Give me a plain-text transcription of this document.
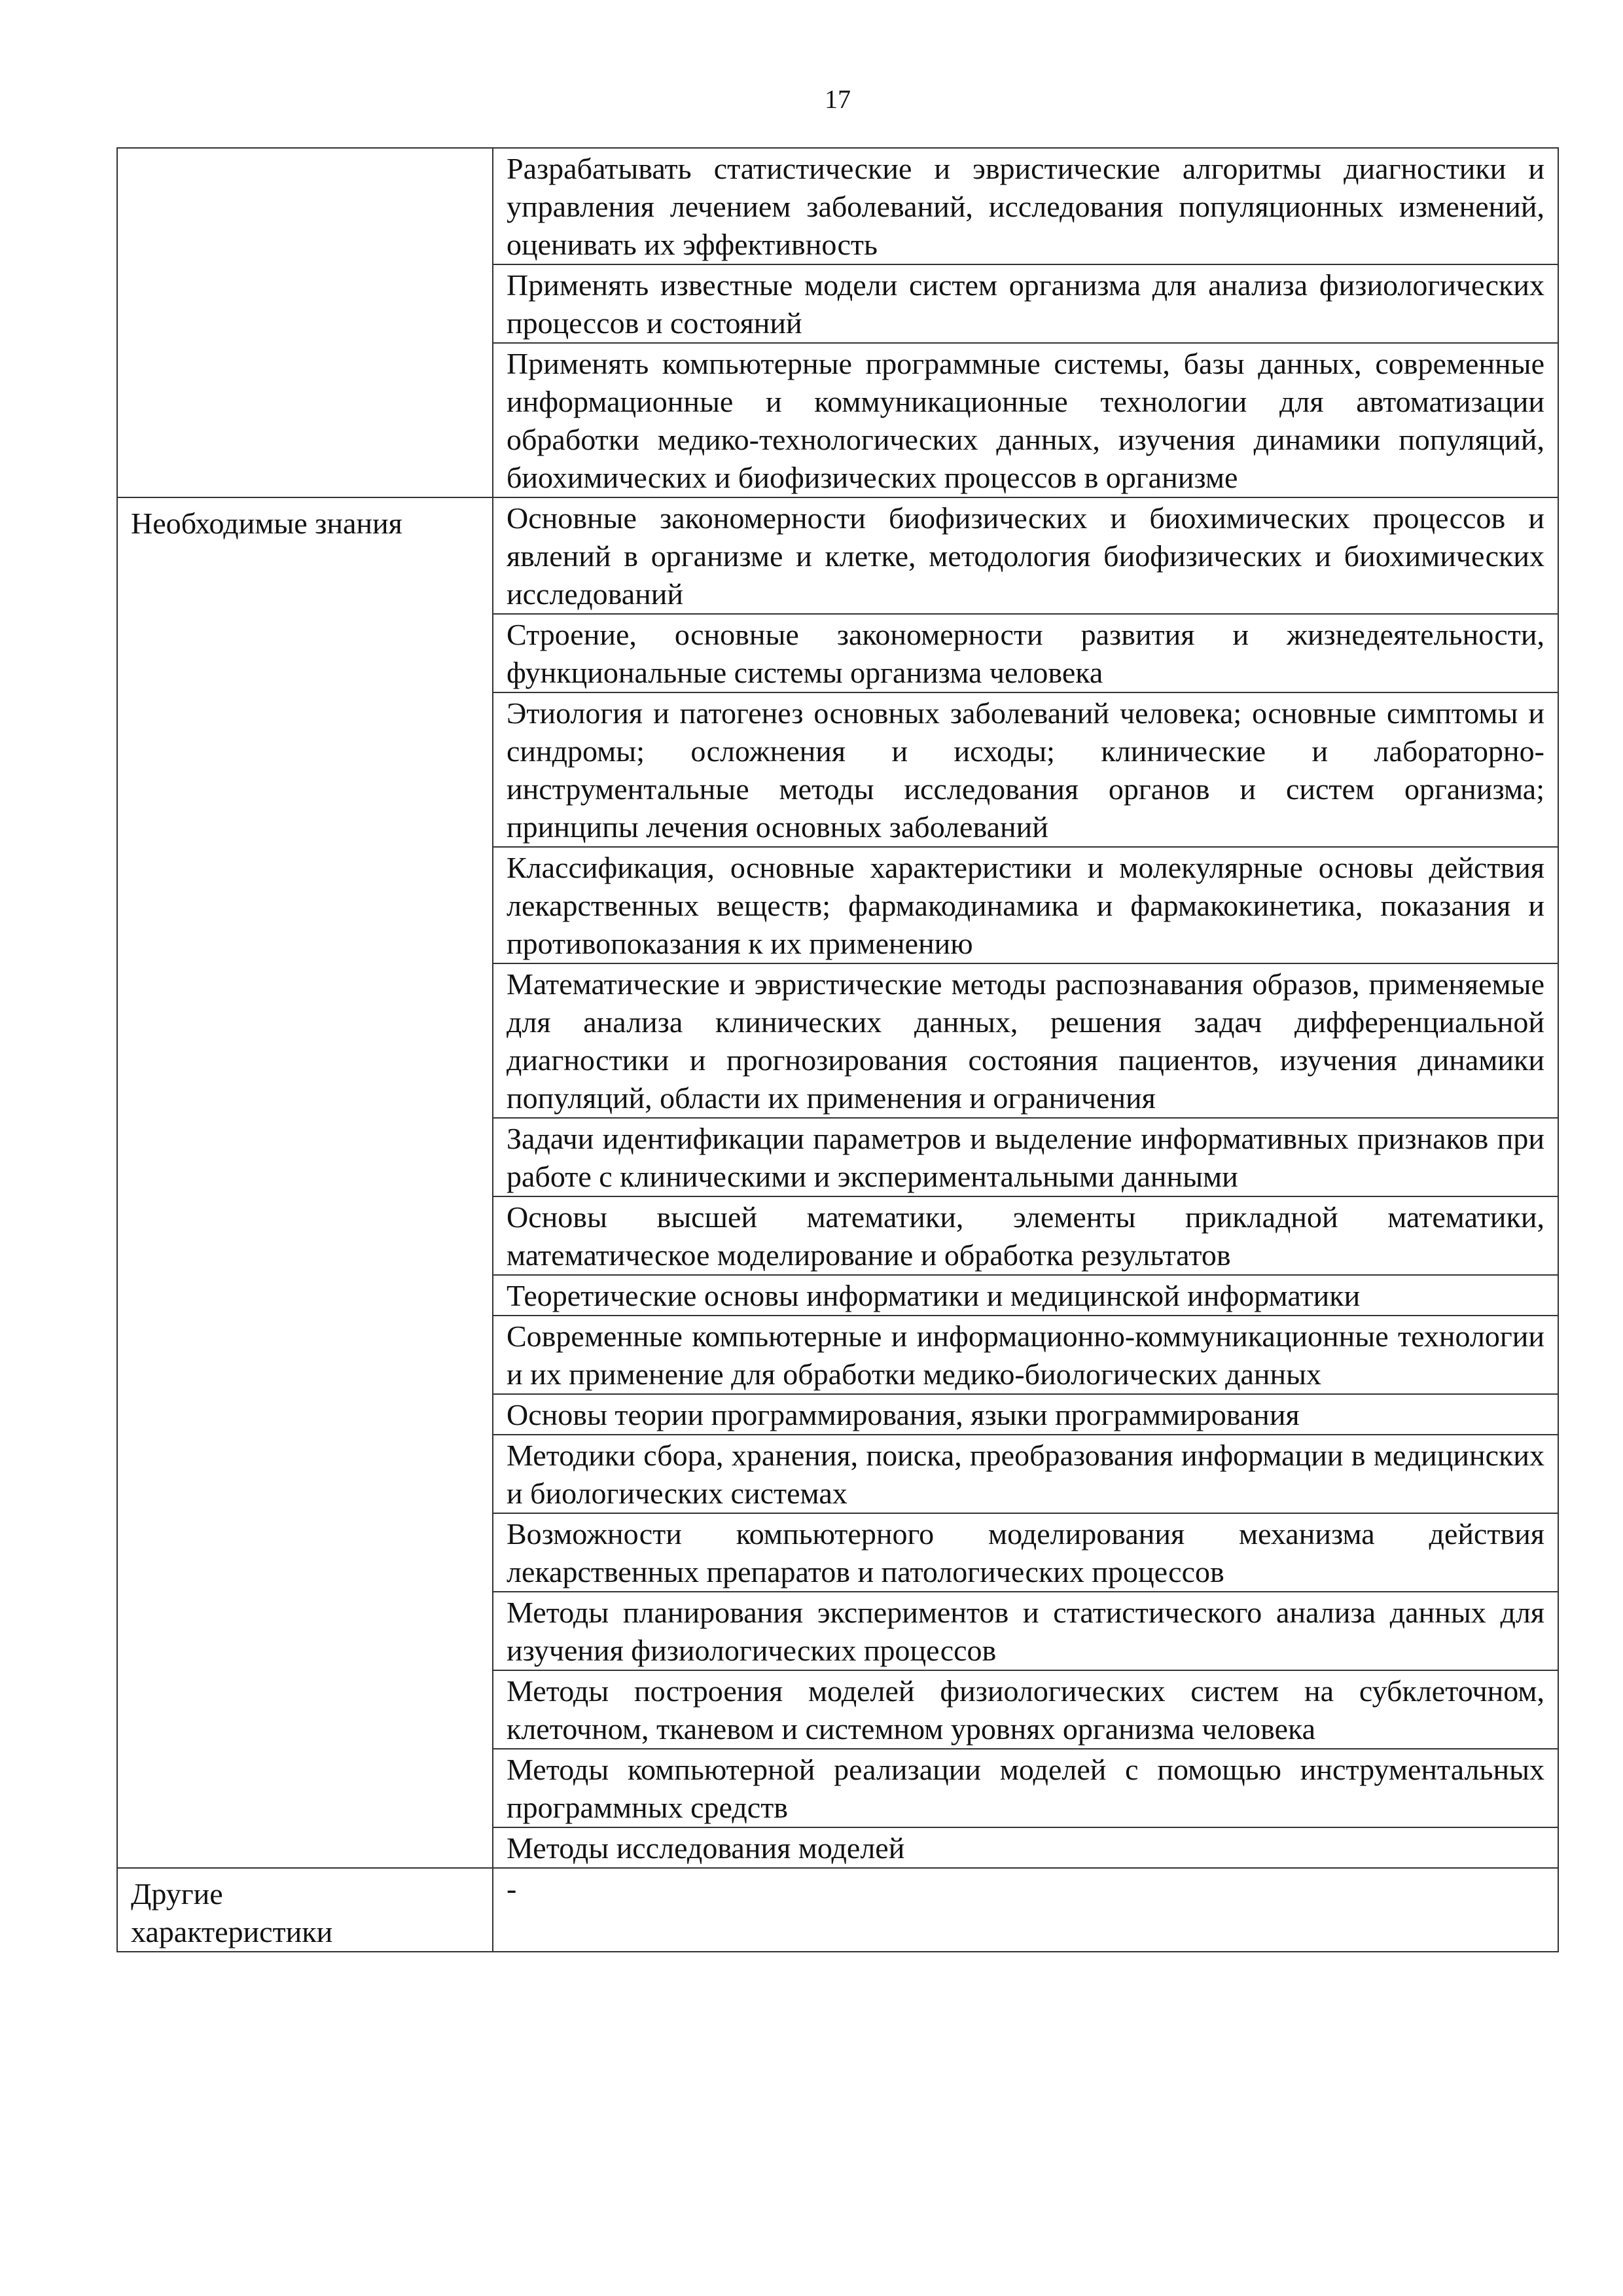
17
	Разрабатывать статистические и эвристические алгоритмы диагностики и управления лечением заболеваний, исследования популяционных изменений, оценивать их эффективность
	Применять известные модели систем организма для анализа физиологических процессов и состояний
	Применять компьютерные программные системы, базы данных, современные информационные и коммуникационные технологии для автоматизации обработки медико-технологических данных, изучения динамики популяций, биохимических и биофизических процессов в организме
Необходимые знания	Основные закономерности биофизических и биохимических процессов и явлений в организме и клетке, методология биофизических и биохимических исследований
	Строение, основные закономерности развития и жизнедеятельности, функциональные системы организма человека
	Этиология и патогенез основных заболеваний человека; основные симптомы и синдромы; осложнения и исходы; клинические и лабораторно-инструментальные методы исследования органов и систем организма; принципы лечения основных заболеваний
	Классификация, основные характеристики и молекулярные основы действия лекарственных веществ; фармакодинамика и фармакокинетика, показания и противопоказания к их применению
	Математические и эвристические методы распознавания образов, применяемые для анализа клинических данных, решения задач дифференциальной диагностики и прогнозирования состояния пациентов, изучения динамики популяций, области их применения и ограничения
	Задачи идентификации параметров и выделение информативных признаков при работе с клиническими и экспериментальными данными
	Основы высшей математики, элементы прикладной математики, математическое моделирование и обработка результатов
	Теоретические основы информатики и медицинской информатики
	Современные компьютерные и информационно-коммуникационные технологии и их применение для обработки медико-биологических данных
	Основы теории программирования, языки программирования
	Методики сбора, хранения, поиска, преобразования информации в медицинских и биологических системах
	Возможности компьютерного моделирования механизма действия лекарственных препаратов и патологических процессов
	Методы планирования экспериментов и статистического анализа данных для изучения физиологических процессов
	Методы построения моделей физиологических систем на субклеточном, клеточном, тканевом и системном уровнях организма человека
	Методы компьютерной реализации моделей с помощью инструментальных программных средств
	Методы исследования моделей
Другие характеристики	-
